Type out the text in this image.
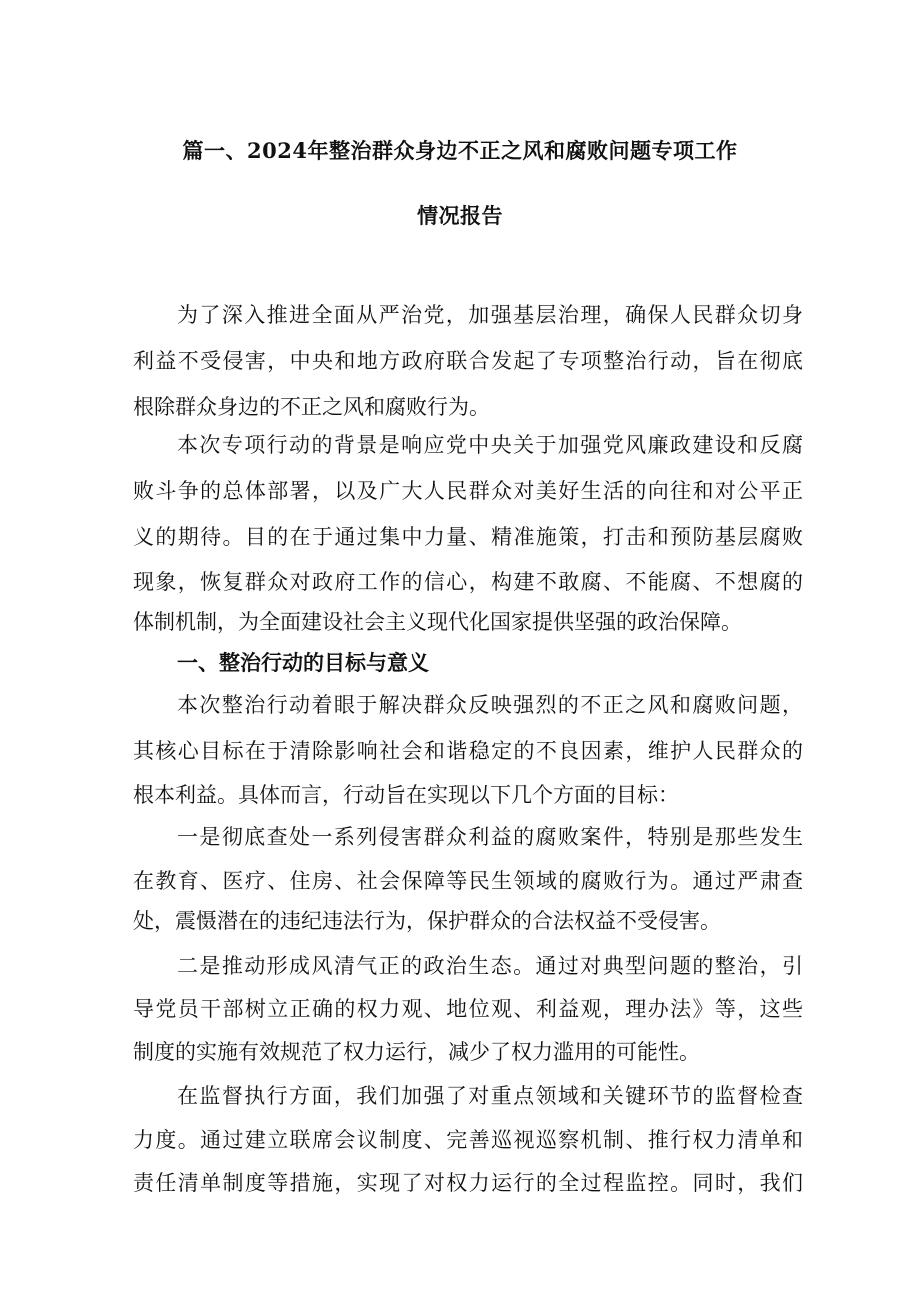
篇一、2024年整治群众身边不正之风和腐败问题专项工作
情况报告
为了深入推进全面从严治党，加强基层治理，确保人民群众切身
利益不受侵害，中央和地方政府联合发起了专项整治行动，旨在彻底
根除群众身边的不正之风和腐败行为。
本次专项行动的背景是响应党中央关于加强党风廉政建设和反腐
败斗争的总体部署，以及广大人民群众对美好生活的向往和对公平正
义的期待。目的在于通过集中力量、精准施策，打击和预防基层腐败
现象，恢复群众对政府工作的信心，构建不敢腐、不能腐、不想腐的
体制机制，为全面建设社会主义现代化国家提供坚强的政治保障。
一、整治行动的目标与意义
本次整治行动着眼于解决群众反映强烈的不正之风和腐败问题，
其核心目标在于清除影响社会和谐稳定的不良因素，维护人民群众的
根本利益。具体而言，行动旨在实现以下几个方面的目标：
一是彻底查处一系列侵害群众利益的腐败案件，特别是那些发生
在教育、医疗、住房、社会保障等民生领域的腐败行为。通过严肃查
处，震慑潜在的违纪违法行为，保护群众的合法权益不受侵害。
二是推动形成风清气正的政治生态。通过对典型问题的整治，引
导党员干部树立正确的权力观、地位观、利益观，理办法》等，这些
制度的实施有效规范了权力运行，减少了权力滥用的可能性。
在监督执行方面，我们加强了对重点领域和关键环节的监督检查
力度。通过建立联席会议制度、完善巡视巡察机制、推行权力清单和
责任清单制度等措施，实现了对权力运行的全过程监控。同时，我们
